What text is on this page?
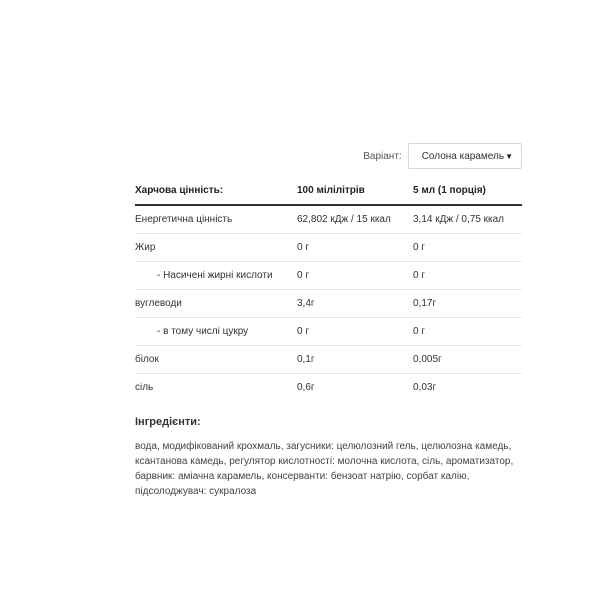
Варіант: Солона карамель ▼
Харчова цінність:	100 мілілітрів	5 мл (1 порція)
Енергетична цінність	62,802 кДж / 15 ккал	3,14 кДж / 0,75 ккал
Жир	0 г	0 г
- Насичені жирні кислоти	0 г	0 г
вуглеводи	3,4г	0,17г
- в тому числі цукру	0 г	0 г
білок	0,1г	0,005г
сіль	0,6г	0,03г
Інгредієнти:
вода, модифікований крохмаль, загусники: целюлозний гель, целюлозна камедь, ксантанова камедь, регулятор кислотності: молочна кислота, сіль, ароматизатор, барвник: аміачна карамель, консерванти: бензоат натрію, сорбат калію, підсолоджувач: сукралоза
